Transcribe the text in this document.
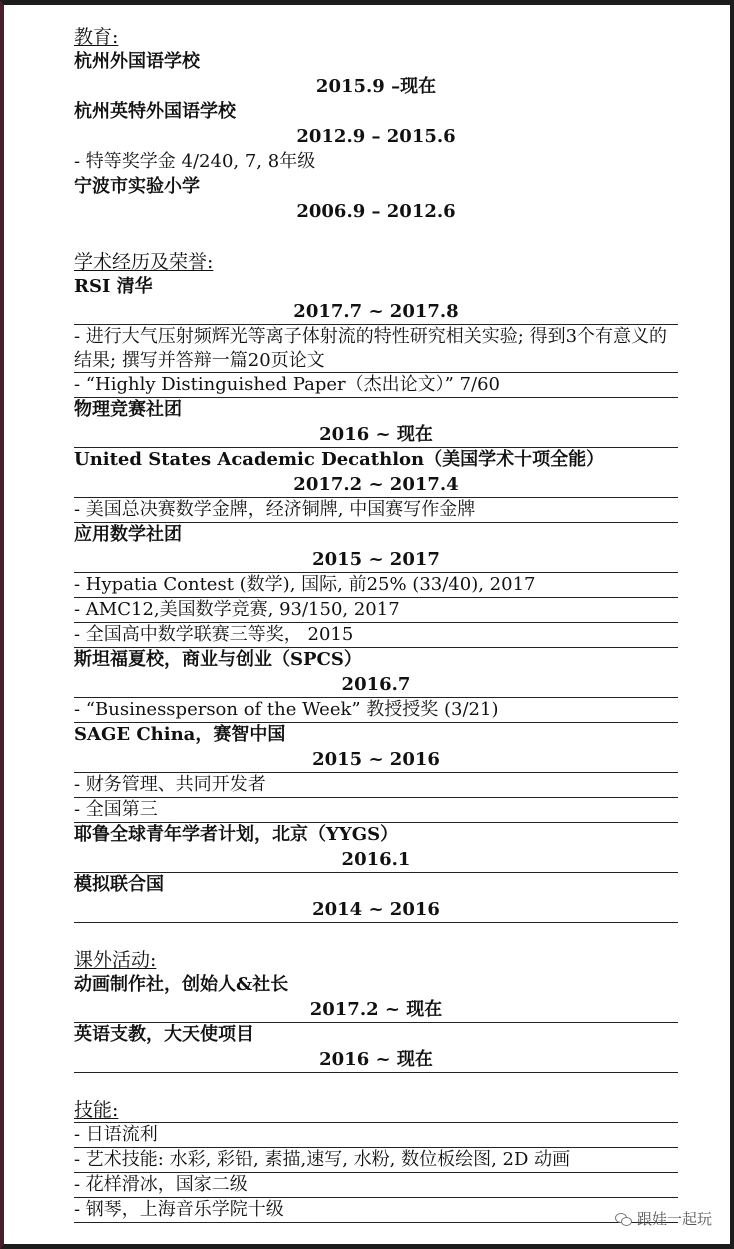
教育:
杭州外国语学校
2015.9 –现在
杭州英特外国语学校
2012.9 – 2015.6
- 特等奖学金 4/240, 7, 8年级
宁波市实验小学
2006.9 – 2012.6
学术经历及荣誉:
RSI 清华
2017.7 ~ 2017.8
- 进行大气压射频辉光等离子体射流的特性研究相关实验; 得到3个有意义的结果; 撰写并答辩一篇20页论文
- “Highly Distinguished Paper（杰出论文）” 7/60
物理竞赛社团
2016 ~ 现在
United States Academic Decathlon（美国学术十项全能）
2017.2 ~ 2017.4
- 美国总决赛数学金牌，经济铜牌, 中国赛写作金牌
应用数学社团
2015 ~ 2017
- Hypatia Contest (数学), 国际, 前25% (33/40), 2017
- AMC12,美国数学竞赛, 93/150, 2017
- 全国高中数学联赛三等奖， 2015
斯坦福夏校，商业与创业（SPCS）
2016.7
- “Businessperson of the Week” 教授授奖 (3/21)
SAGE China，赛智中国
2015 ~ 2016
- 财务管理、共同开发者
- 全国第三
耶鲁全球青年学者计划，北京（YYGS）
2016.1
模拟联合国
2014 ~ 2016
课外活动:
动画制作社，创始人&社长
2017.2 ~ 现在
英语支教，大天使项目
2016 ~ 现在
技能:
- 日语流利
- 艺术技能: 水彩, 彩铅, 素描,速写, 水粉, 数位板绘图, 2D 动画
- 花样滑冰，国家二级
- 钢琴，上海音乐学院十级	跟娃一起玩
